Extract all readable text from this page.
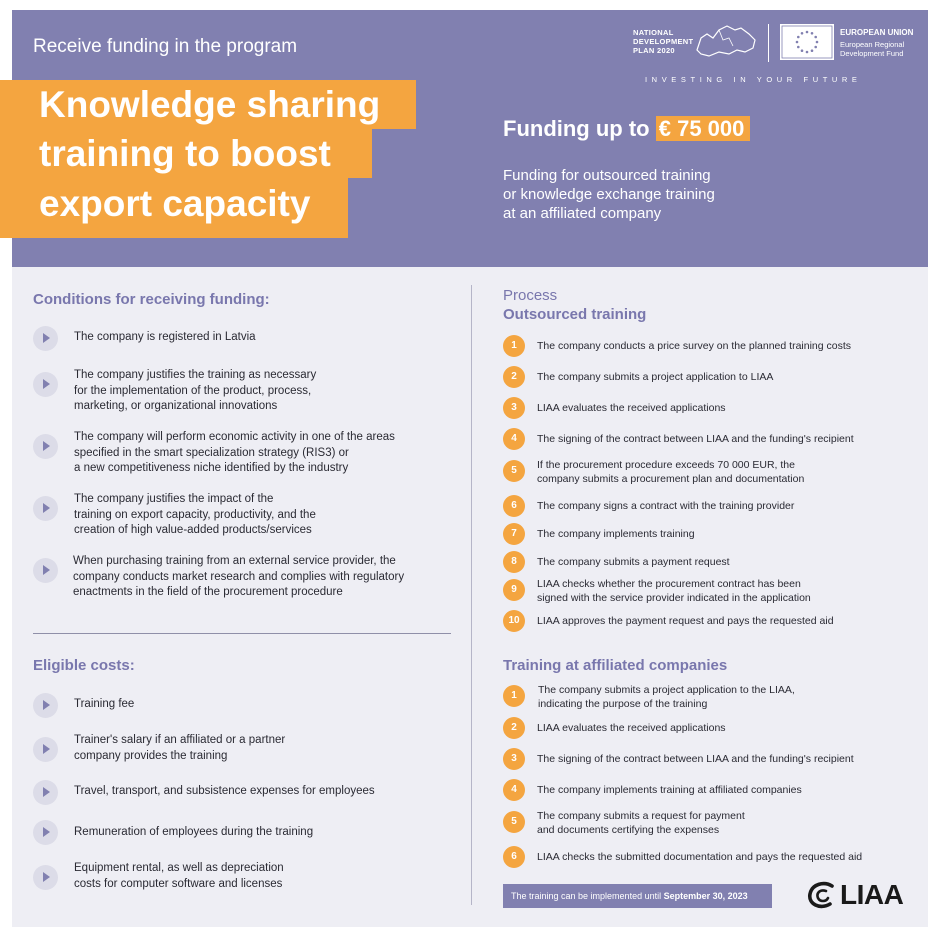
Receive funding in the program
Knowledge sharing
training to boost
export capacity
NATIONAL
DEVELOPMENT
PLAN 2020
EUROPEAN UNION
European Regional
Development Fund
INVESTING IN YOUR FUTURE
Funding up to € 75 000
Funding for outsourced training
or knowledge exchange training
at an affiliated company
Conditions for receiving funding:
The company is registered in Latvia
The company justifies the training as necessary
for the implementation of the product, process,
marketing, or organizational innovations
The company will perform economic activity in one of the areas
specified in the smart specialization strategy (RIS3) or
a new competitiveness niche identified by the industry
The company justifies the impact of the
training on export capacity, productivity, and the
creation of high value-added products/services
When purchasing training from an external service provider, the
company conducts market research and complies with regulatory
enactments in the field of the procurement procedure
Eligible costs:
Training fee
Trainer's salary if an affiliated or a partner
company provides the training
Travel, transport, and subsistence expenses for employees
Remuneration of employees during the training
Equipment rental, as well as depreciation
costs for computer software and licenses
Process
Outsourced training
1	The company conducts a price survey on the planned training costs
2	The company submits a project application to LIAA
3	LIAA evaluates the received applications
4	The signing of the contract between LIAA and the funding's recipient
5	If the procurement procedure exceeds 70 000 EUR, the
company submits a procurement plan and documentation
6	The company signs a contract with the training provider
7	The company implements training
8	The company submits a payment request
9	LIAA checks whether the procurement contract has been
signed with the service provider indicated in the application
10	LIAA approves the payment request and pays the requested aid
Training at affiliated companies
1	The company submits a project application to the LIAA,
indicating the purpose of the training
2	LIAA evaluates the received applications
3	The signing of the contract between LIAA and the funding's recipient
4	The company implements training at affiliated companies
5	The company submits a request for payment
and documents certifying the expenses
6	LIAA checks the submitted documentation and pays the requested aid
The training can be implemented until September 30, 2023	LIAA
